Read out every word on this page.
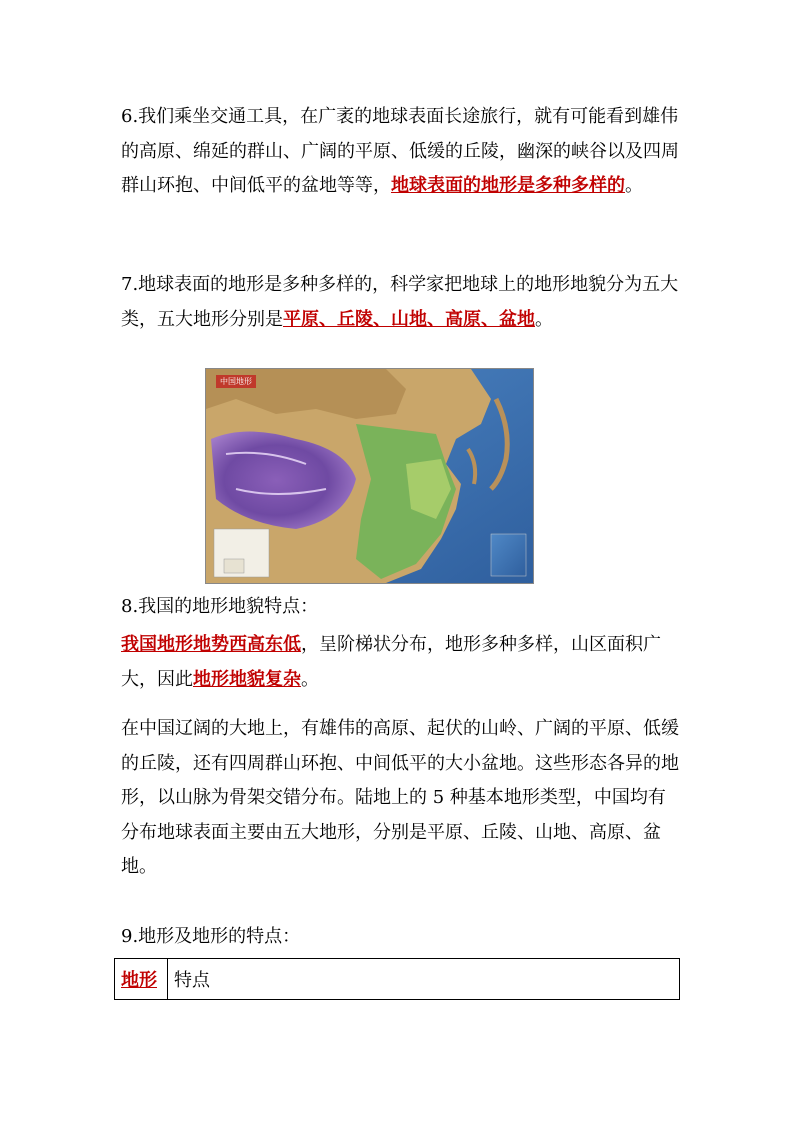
6.我们乘坐交通工具，在广袤的地球表面长途旅行，就有可能看到雄伟的高原、绵延的群山、广阔的平原、低缓的丘陵，幽深的峡谷以及四周群山环抱、中间低平的盆地等等，地球表面的地形是多种多样的。

7.地球表面的地形是多种多样的，科学家把地球上的地形地貌分为五大类，五大地形分别是平原、丘陵、山地、高原、盆地。

中国地形

8.我国的地形地貌特点：

我国地形地势西高东低，呈阶梯状分布，地形多种多样，山区面积广大，因此地形地貌复杂。

在中国辽阔的大地上，有雄伟的高原、起伏的山岭、广阔的平原、低缓的丘陵，还有四周群山环抱、中间低平的大小盆地。这些形态各异的地形，以山脉为骨架交错分布。陆地上的 5 种基本地形类型，中国均有分布地球表面主要由五大地形，分别是平原、丘陵、山地、高原、盆地。

9.地形及地形的特点：

地形	特点
